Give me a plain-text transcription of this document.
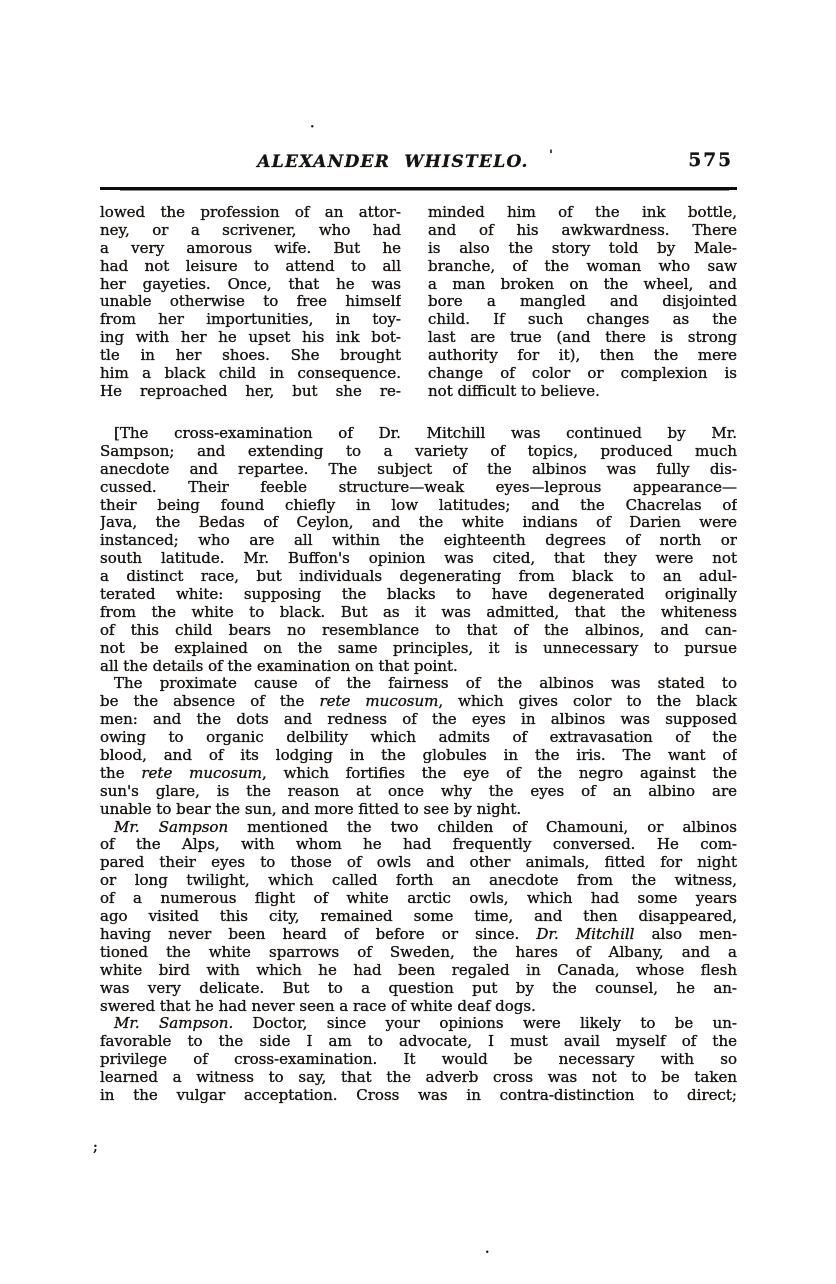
ALEXANDER WHISTELO.	575
lowed the profession of an attor-
ney, or a scrivener, who had
a very amorous wife. But he
had not leisure to attend to all
her gayeties. Once, that he was
unable otherwise to free himself
from her importunities, in toy-
ing with her he upset his ink bot-
tle in her shoes. She brought
him a black child in consequence.
He reproached her, but she re-
minded him of the ink bottle,
and of his awkwardness. There
is also the story told by Male-
branche, of the woman who saw
a man broken on the wheel, and
bore a mangled and disjointed
child. If such changes as the
last are true (and there is strong
authority for it), then the mere
change of color or complexion is
not difficult to believe.
[The cross-examination of Dr. Mitchill was continued by Mr.
Sampson; and extending to a variety of topics, produced much
anecdote and repartee. The subject of the albinos was fully dis-
cussed. Their feeble structure—weak eyes—leprous appearance—
their being found chiefly in low latitudes; and the Chacrelas of
Java, the Bedas of Ceylon, and the white indians of Darien were
instanced; who are all within the eighteenth degrees of north or
south latitude. Mr. Buffon's opinion was cited, that they were not
a distinct race, but individuals degenerating from black to an adul-
terated white: supposing the blacks to have degenerated originally
from the white to black. But as it was admitted, that the whiteness
of this child bears no resemblance to that of the albinos, and can-
not be explained on the same principles, it is unnecessary to pursue
all the details of the examination on that point.
The proximate cause of the fairness of the albinos was stated to
be the absence of the rete mucosum, which gives color to the black
men: and the dots and redness of the eyes in albinos was supposed
owing to organic delbility which admits of extravasation of the
blood, and of its lodging in the globules in the iris. The want of
the rete mucosum, which fortifies the eye of the negro against the
sun's glare, is the reason at once why the eyes of an albino are
unable to bear the sun, and more fitted to see by night.
Mr. Sampson mentioned the two childen of Chamouni, or albinos
of the Alps, with whom he had frequently conversed. He com-
pared their eyes to those of owls and other animals, fitted for night
or long twilight, which called forth an anecdote from the witness,
of a numerous flight of white arctic owls, which had some years
ago visited this city, remained some time, and then disappeared,
having never been heard of before or since. Dr. Mitchill also men-
tioned the white sparrows of Sweden, the hares of Albany, and a
white bird with which he had been regaled in Canada, whose flesh
was very delicate. But to a question put by the counsel, he an-
swered that he had never seen a race of white deaf dogs.
Mr. Sampson. Doctor, since your opinions were likely to be un-
favorable to the side I am to advocate, I must avail myself of the
privilege of cross-examination. It would be necessary with so
learned a witness to say, that the adverb cross was not to be taken
in the vulgar acceptation. Cross was in contra-distinction to direct;
·
'
;
.
